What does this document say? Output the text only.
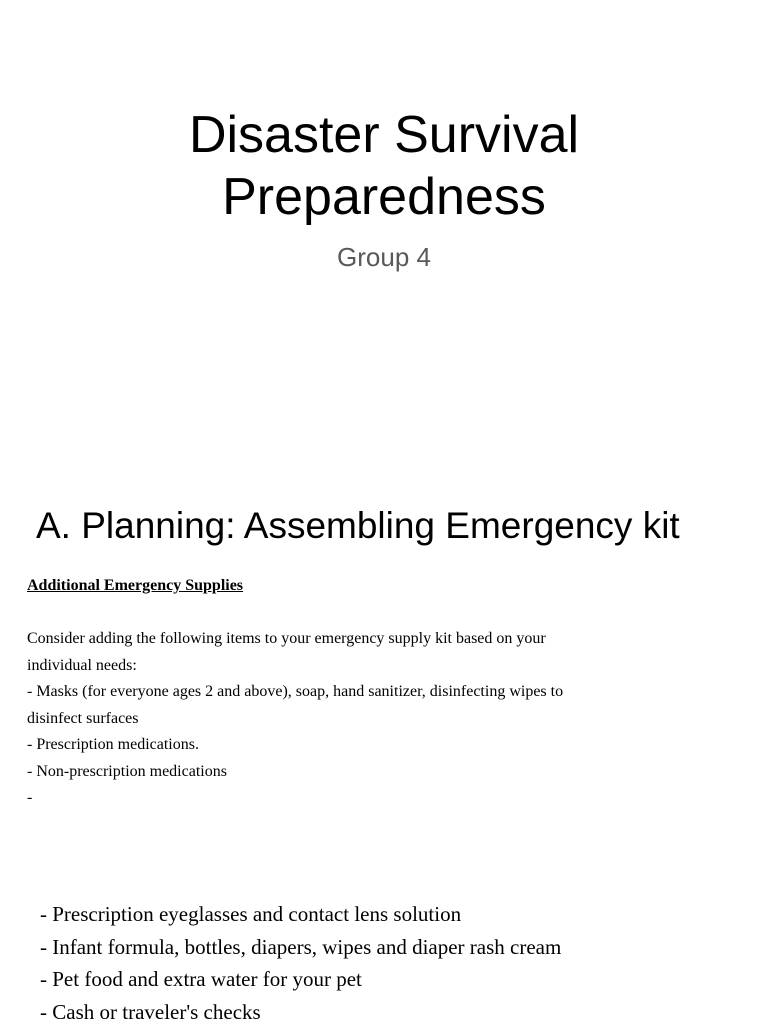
Disaster Survival
Preparedness
Group 4
A. Planning: Assembling Emergency kit
Additional Emergency Supplies
Consider adding the following items to your emergency supply kit based on your
individual needs:
- Masks (for everyone ages 2 and above), soap, hand sanitizer, disinfecting wipes to
disinfect surfaces
- Prescription medications.
- Non-prescription medications
-
- Prescription eyeglasses and contact lens solution
- Infant formula, bottles, diapers, wipes and diaper rash cream
- Pet food and extra water for your pet
- Cash or traveler's checks
